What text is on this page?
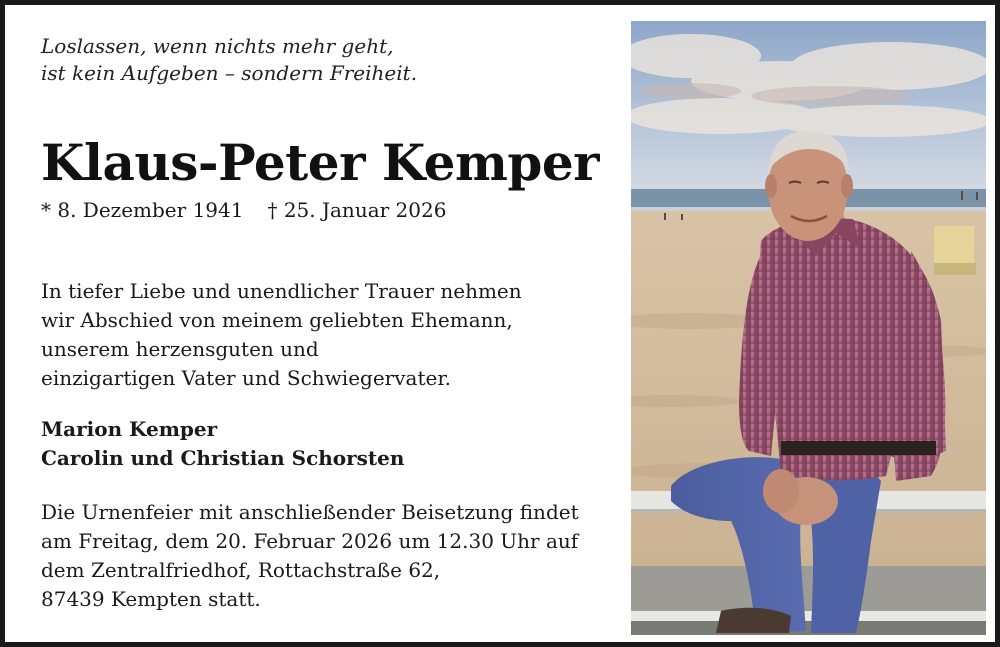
Loslassen, wenn nichts mehr geht,
ist kein Aufgeben – sondern Freiheit.

Klaus-Peter Kemper
* 8. Dezember 1941 † 25. Januar 2026
In tiefer Liebe und unendlicher Trauer nehmen
wir Abschied von meinem geliebten Ehemann,
unserem herzensguten und
einzigartigen Vater und Schwiegervater.
Marion Kemper
Carolin und Christian Schorsten
Die Urnenfeier mit anschließender Beisetzung findet
am Freitag, dem 20. Februar 2026 um 12.30 Uhr auf
dem Zentralfriedhof, Rottachstraße 62,
87439 Kempten statt.
